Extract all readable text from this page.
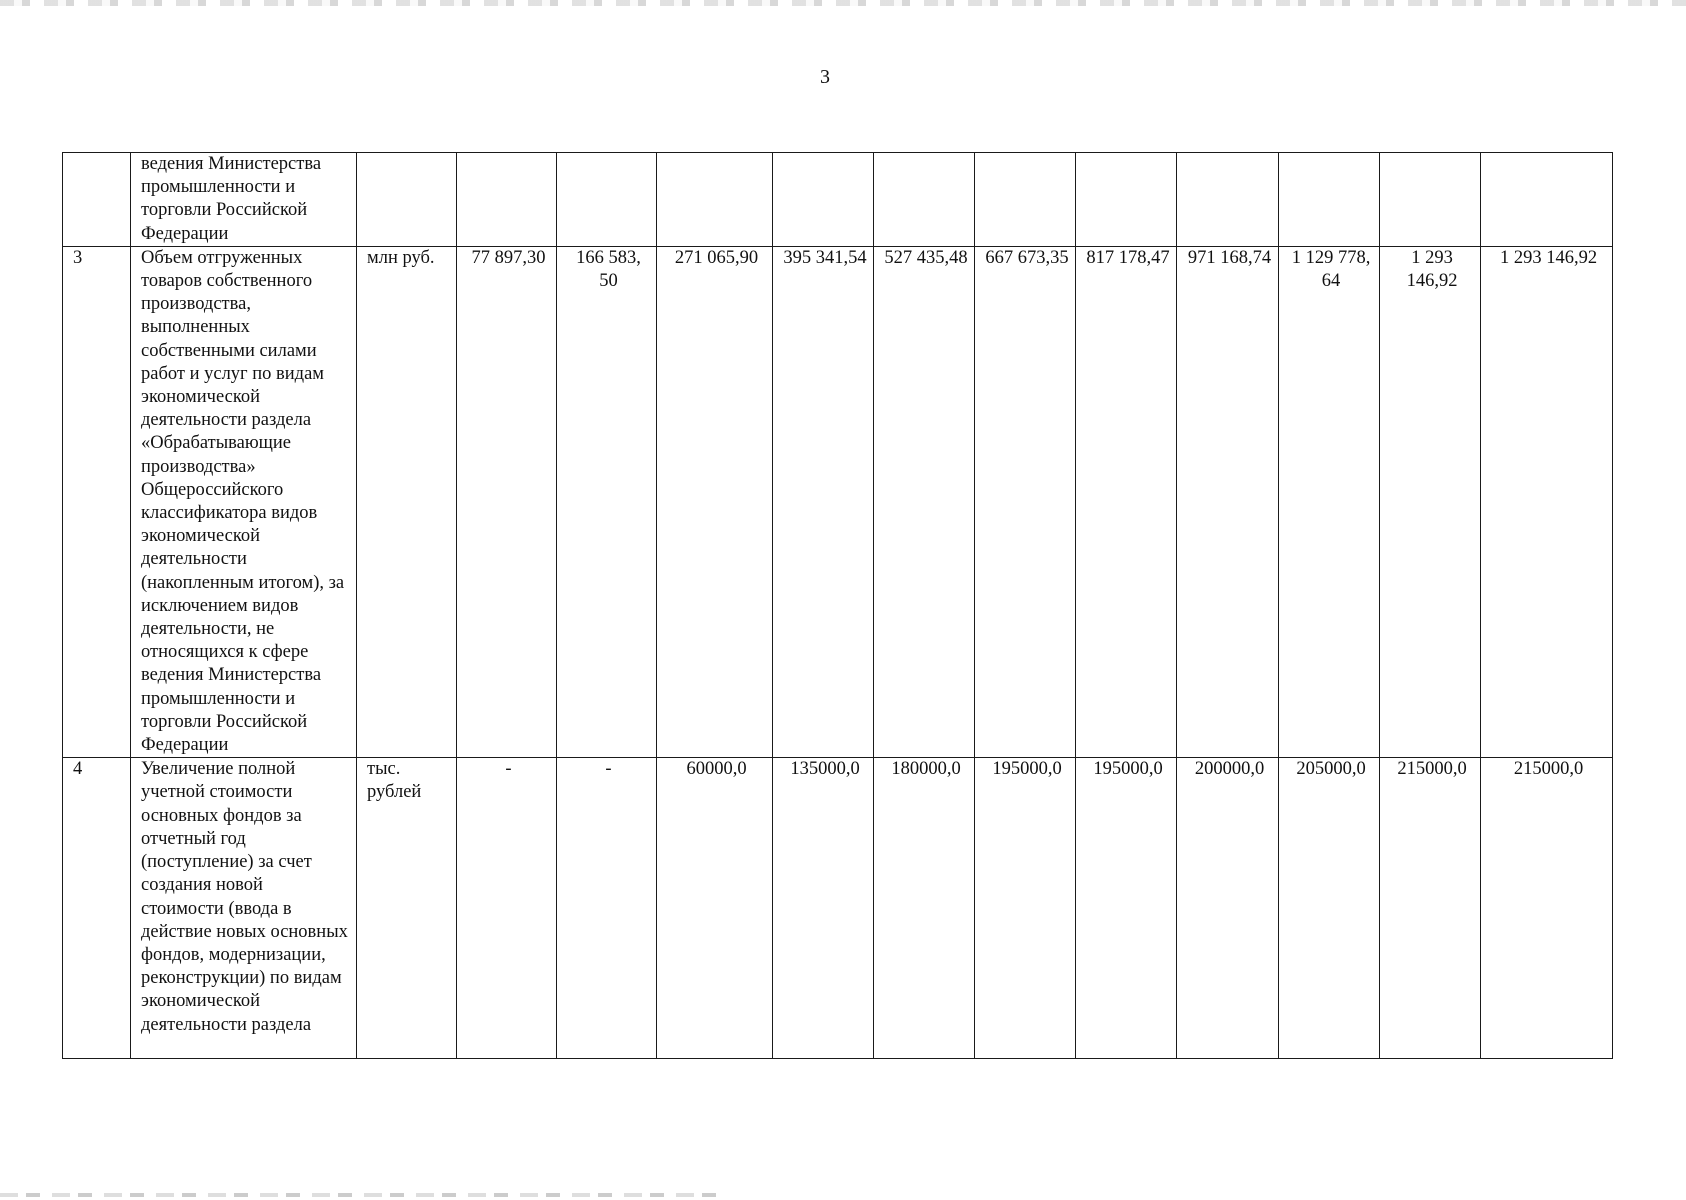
3
	ведения Министерства промышленности и торговли Российской Федерации												
3	Объем отгруженных товаров собственного производства, выполненных собственными силами работ и услуг по видам экономической деятельности раздела «Обрабатывающие производства» Общероссийского классификатора видов экономической деятельности (накопленным итогом), за исключением видов деятельности, не относящихся к сфере ведения Министерства промышленности и торговли Российской Федерации	млн руб.	77 897,30	166 583, 50	271 065,90	395 341,54	527 435,48	667 673,35	817 178,47	971 168,74	1 129 778, 64	1 293 146,92	1 293 146,92
4	Увеличение полной учетной стоимости основных фондов за отчетный год (поступление) за счет создания новой стоимости (ввода в действие новых основных фондов, модернизации, реконструкции) по видам экономической деятельности раздела	тыс. рублей	-	-	60000,0	135000,0	180000,0	195000,0	195000,0	200000,0	205000,0	215000,0	215000,0
